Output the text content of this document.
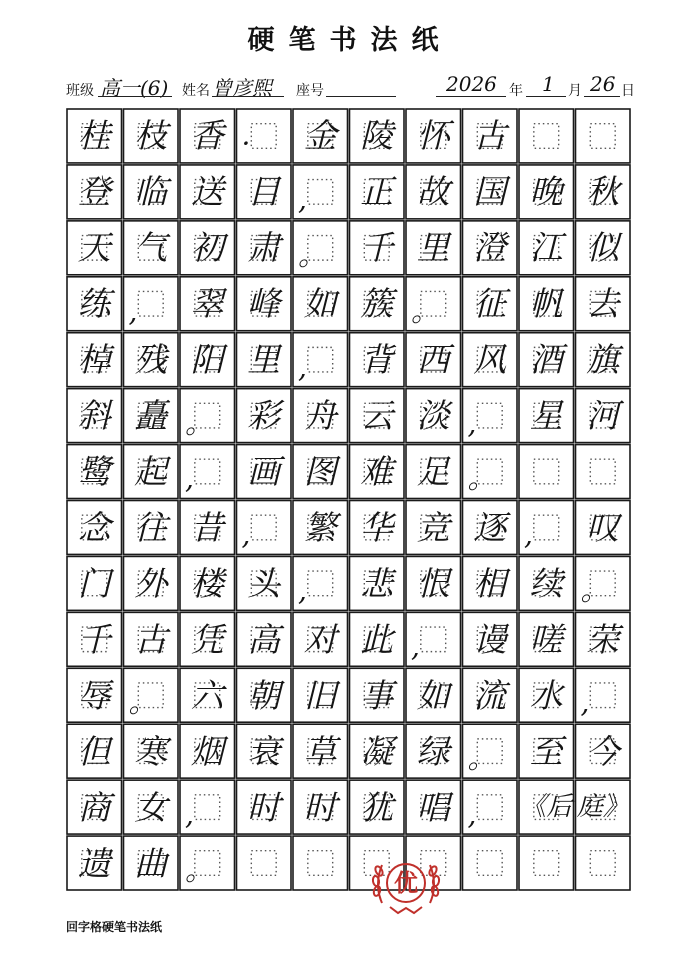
硬笔书法纸
班级 高一(6) 姓名 曾彦熙 座号	2026 年 1 月 26 日
桂 枝 香 ·	金 陵 怀 古
登 临 送 目 ,	正 故 国 晚 秋
天 气 初 肃 。	千 里 澄 江 似
练 ,	翠 峰 如 簇 。	征 帆 去
棹 残 阳 里 ,	背 西 风 酒 旗
斜 矗 。	彩 舟 云 淡 ,	星 河
鹭 起 ,	画 图 难 足 。
念 往 昔 ,	繁 华 竞 逐 ,	叹
门 外 楼 头 ,	悲 恨 相 续 。
千 古 凭 高 对 此 ,	谩 嗟 荣
辱 。	六 朝 旧 事 如 流 水 ,
但 寒 烟 衰 草 凝 绿 。	至 今
商 女 ,	时 时 犹 唱 ,	《后 庭》
遗 曲 。	优
回字格硬笔书法纸
